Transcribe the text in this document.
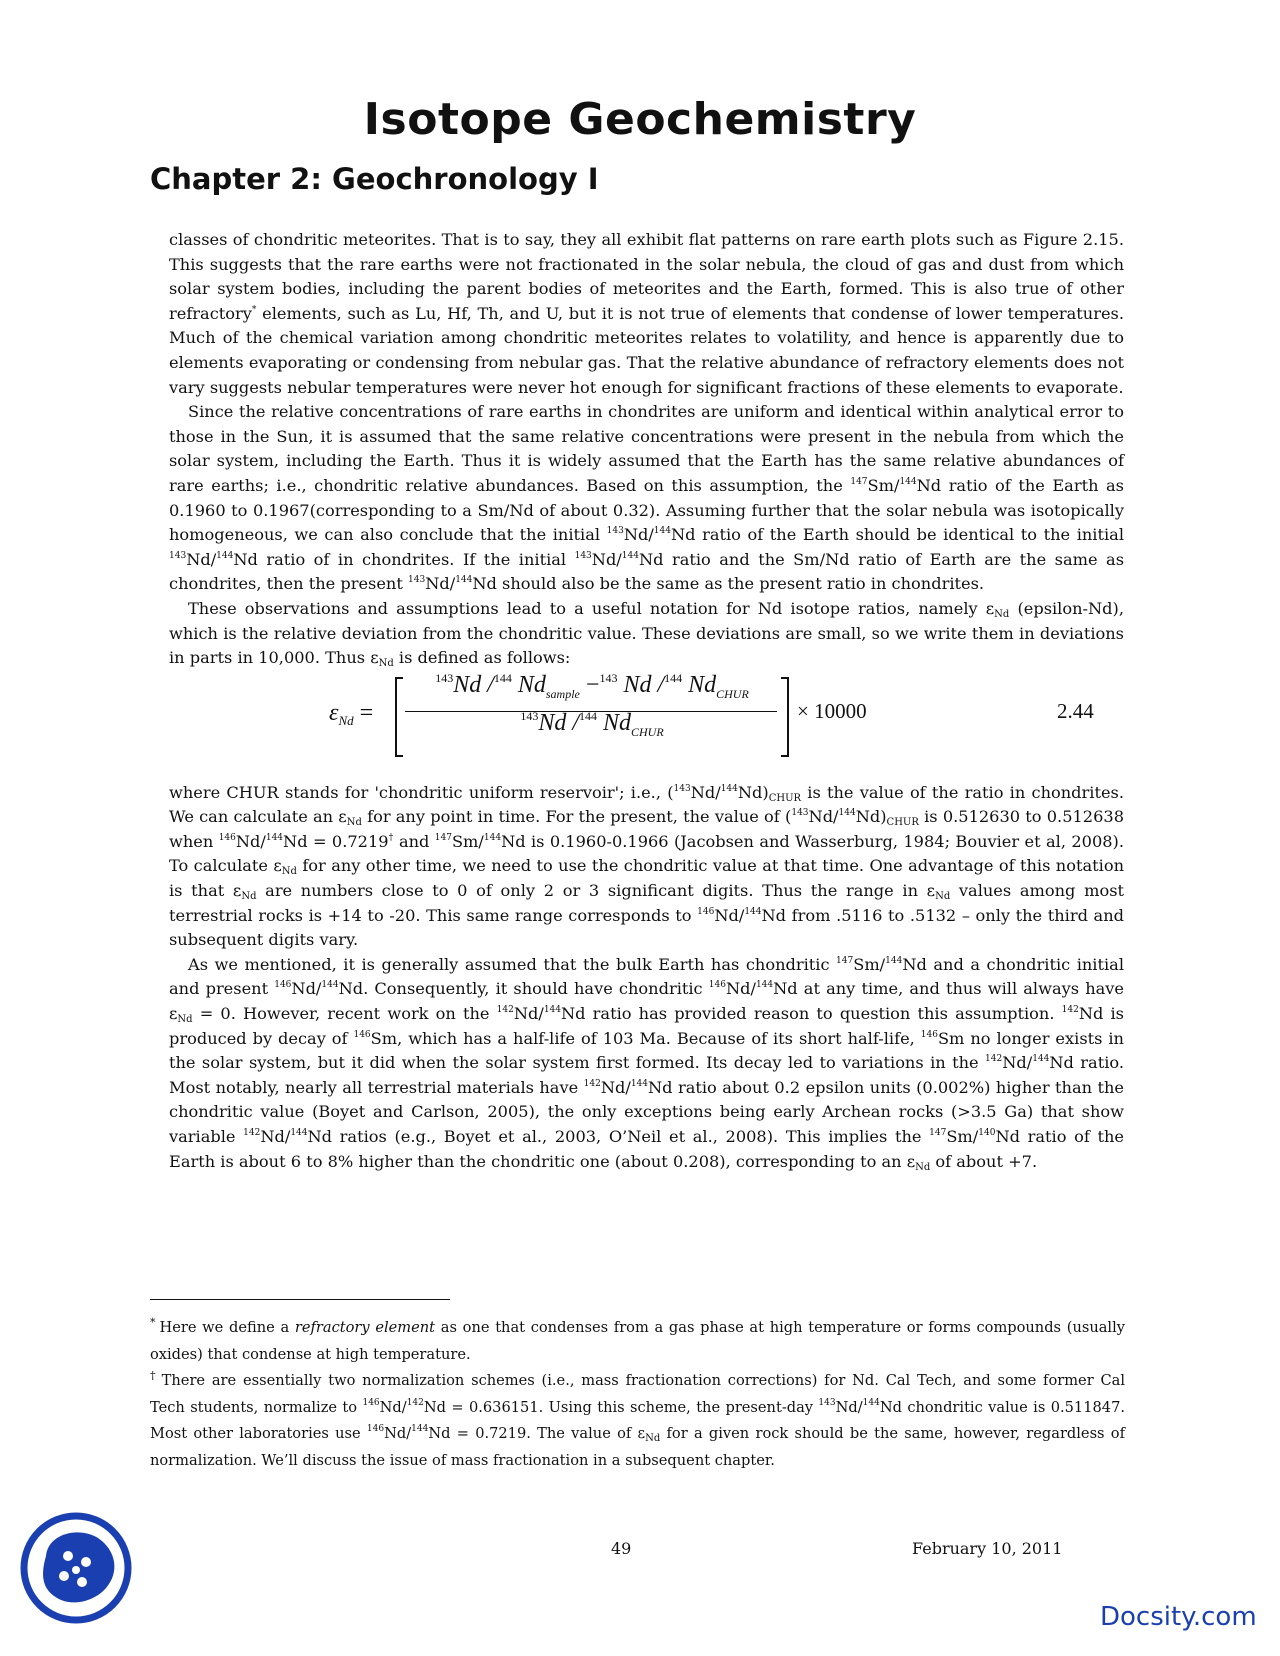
Isotope Geochemistry
Chapter 2: Geochronology I

classes of chondritic meteorites. That is to say, they all exhibit flat patterns on rare earth plots such as Figure 2.15. This suggests that the rare earths were not fractionated in the solar nebula, the cloud of gas and dust from which solar system bodies, including the parent bodies of meteorites and the Earth, formed. This is also true of other refractory* elements, such as Lu, Hf, Th, and U, but it is not true of elements that condense of lower temperatures. Much of the chemical variation among chondritic meteorites relates to volatility, and hence is apparently due to elements evaporating or condensing from nebular gas. That the relative abundance of refractory elements does not vary suggests nebular temperatures were never hot enough for significant fractions of these elements to evaporate.

Since the relative concentrations of rare earths in chondrites are uniform and identical within analytical error to those in the Sun, it is assumed that the same relative concentrations were present in the nebula from which the solar system, including the Earth. Thus it is widely assumed that the Earth has the same relative abundances of rare earths; i.e., chondritic relative abundances. Based on this assumption, the $^{147}$Sm/$^{144}$Nd ratio of the Earth as 0.1960 to 0.1967(corresponding to a Sm/Nd of about 0.32). Assuming further that the solar nebula was isotopically homogeneous, we can also conclude that the initial $^{143}$Nd/$^{144}$Nd ratio of the Earth should be identical to the initial $^{143}$Nd/$^{144}$Nd ratio of in chondrites. If the initial $^{143}$Nd/$^{144}$Nd ratio and the Sm/Nd ratio of Earth are the same as chondrites, then the present $^{143}$Nd/$^{144}$Nd should also be the same as the present ratio in chondrites.

These observations and assumptions lead to a useful notation for Nd isotope ratios, namely $\varepsilon_{Nd}$ (epsilon-Nd), which is the relative deviation from the chondritic value. These deviations are small, so we write them in deviations in parts in 10,000. Thus $\varepsilon_{Nd}$ is defined as follows:

$\varepsilon_{Nd}$ =
$^{143}$Nd /$^{144}$ $Nd_{sample} -^{143}$ Nd /$^{144}$ $Nd_{CHUR}$
$^{143}$Nd /$^{144}$ $Nd_{CHUR}$
× 10000	2.44

where CHUR stands for 'chondritic uniform reservoir'; i.e., $(^{143}Nd/^{144}Nd)_{CHUR}$ is the value of the ratio in chondrites. We can calculate an $\varepsilon_{Nd}$ for any point in time. For the present, the value of $(^{143}Nd/^{144}Nd)_{CHUR}$ is 0.512630 to 0.512638 when $^{146}$Nd/$^{144}$Nd = 0.7219† and $^{147}$Sm/$^{144}$Nd is 0.1960-0.1966 (Jacobsen and Wasserburg, 1984; Bouvier et al, 2008). To calculate $\varepsilon_{Nd}$ for any other time, we need to use the chondritic value at that time. One advantage of this notation is that $\varepsilon_{Nd}$ are numbers close to 0 of only 2 or 3 significant digits. Thus the range in $\varepsilon_{Nd}$ values among most terrestrial rocks is +14 to -20. This same range corresponds to $^{146}$Nd/$^{144}$Nd from .5116 to .5132 – only the third and subsequent digits vary.

As we mentioned, it is generally assumed that the bulk Earth has chondritic $^{147}$Sm/$^{144}$Nd and a chondritic initial and present $^{146}$Nd/$^{144}$Nd. Consequently, it should have chondritic $^{146}$Nd/$^{144}$Nd at any time, and thus will always have $\varepsilon_{Nd} = 0$. However, recent work on the $^{142}$Nd/$^{144}$Nd ratio has provided reason to question this assumption. $^{142}$Nd is produced by decay of $^{146}$Sm, which has a half-life of 103 Ma. Because of its short half-life, $^{146}$Sm no longer exists in the solar system, but it did when the solar system first formed. Its decay led to variations in the $^{142}$Nd/$^{144}$Nd ratio. Most notably, nearly all terrestrial materials have $^{142}$Nd/$^{144}$Nd ratio about 0.2 epsilon units (0.002%) higher than the chondritic value (Boyet and Carlson, 2005), the only exceptions being early Archean rocks (>3.5 Ga) that show variable $^{142}$Nd/$^{144}$Nd ratios (e.g., Boyet et al., 2003, O’Neil et al., 2008). This implies the $^{147}$Sm/$^{140}$Nd ratio of the Earth is about 6 to 8% higher than the chondritic one (about 0.208), corresponding to an $\varepsilon_{Nd}$ of about +7.

* Here we define a refractory element as one that condenses from a gas phase at high temperature or forms compounds (usually oxides) that condense at high temperature.

† There are essentially two normalization schemes (i.e., mass fractionation corrections) for Nd. Cal Tech, and some former Cal Tech students, normalize to $^{146}$Nd/$^{142}$Nd = 0.636151. Using this scheme, the present-day $^{143}$Nd/$^{144}$Nd chondritic value is 0.511847. Most other laboratories use $^{146}$Nd/$^{144}$Nd = 0.7219. The value of $\varepsilon_{Nd}$ for a given rock should be the same, however, regardless of normalization. We’ll discuss the issue of mass fractionation in a subsequent chapter.

49	February 10, 2011
Docsity.com
